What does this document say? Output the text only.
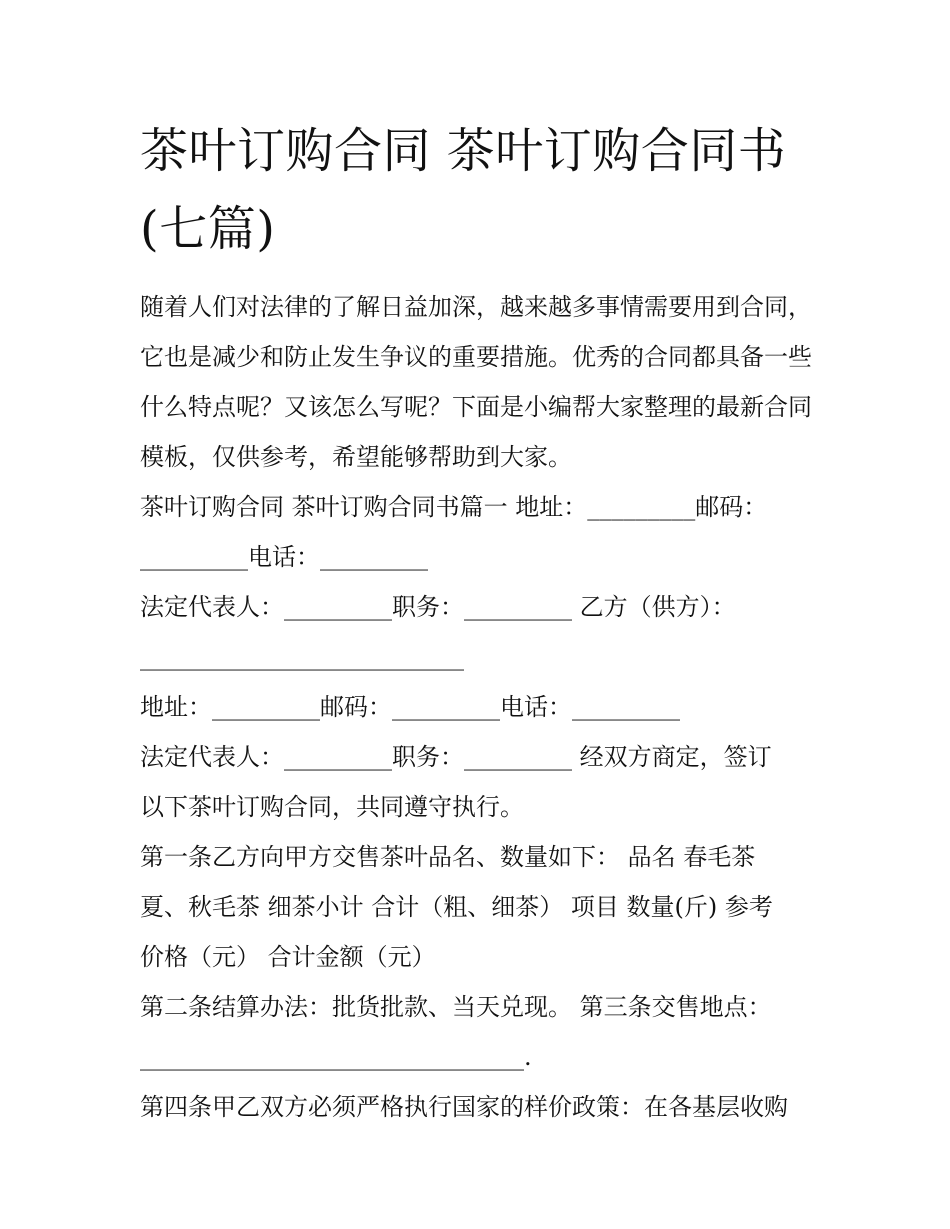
茶叶订购合同 茶叶订购合同书
(七篇)

随着人们对法律的了解日益加深，越来越多事情需要用到合同，它也是减少和防止发生争议的重要措施。优秀的合同都具备一些什么特点呢？又该怎么写呢？下面是小编帮大家整理的最新合同模板，仅供参考，希望能够帮助到大家。

茶叶订购合同 茶叶订购合同书篇一 地址：_________邮码：

_________电话：_________

法定代表人：_________职务：_________ 乙方（供方）：

___________________________

地址：_________邮码：_________电话：_________

法定代表人：_________职务：_________ 经双方商定，签订

以下茶叶订购合同，共同遵守执行。

第一条乙方向甲方交售茶叶品名、数量如下： 品名 春毛茶

夏、秋毛茶 细茶小计 合计（粗、细茶） 项目 数量(斤) 参考

价格（元） 合计金额（元）

第二条结算办法：批货批款、当天兑现。 第三条交售地点：

________________________________.

第四条甲乙双方必须严格执行国家的样价政策：在各基层收购
